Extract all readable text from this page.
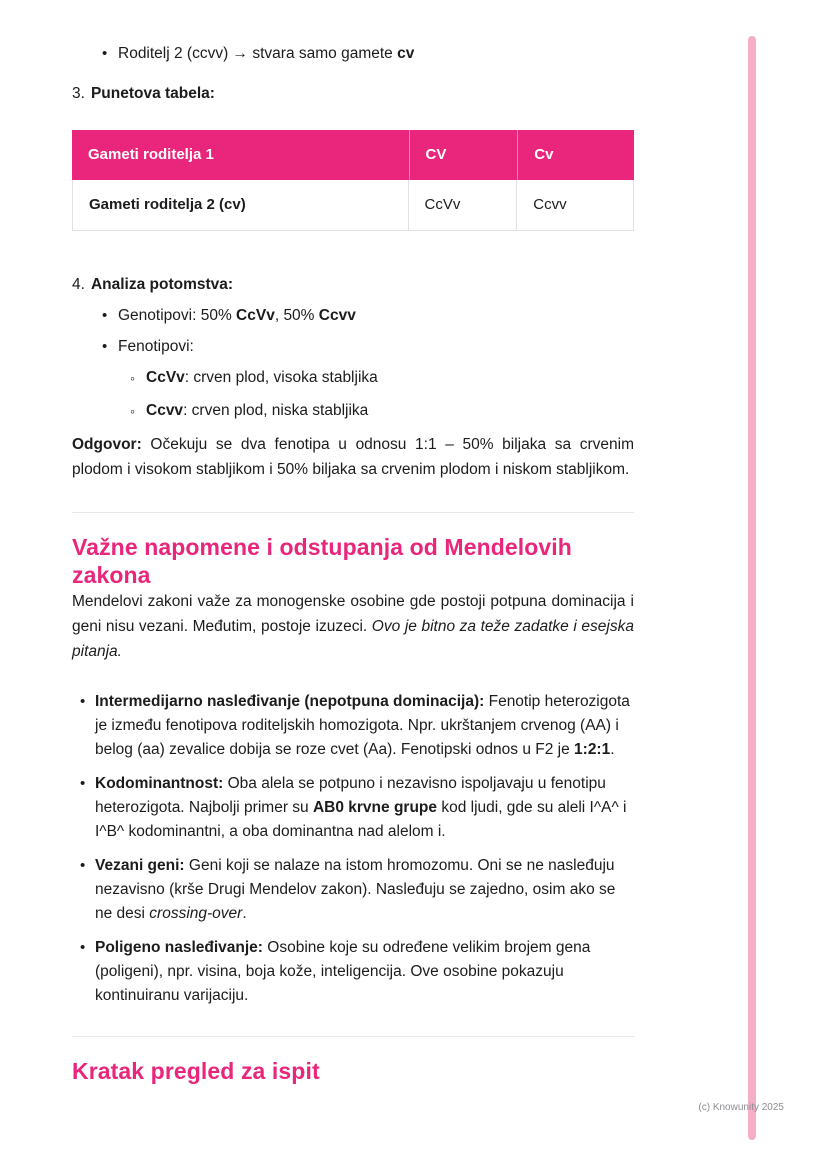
•
Roditelj 2 (ccvv) → stvara samo gamete cv
3. Punetova tabela:
Gameti roditelja 1	CV	Cv
Gameti roditelja 2 (cv)	CcVv	Ccvv
4. Analiza potomstva:
•
Genotipovi: 50% CcVv, 50% Ccvv
•
Fenotipovi:
◦
CcVv: crven plod, visoka stabljika
◦
Ccvv: crven plod, niska stabljika

Odgovor: Očekuju se dva fenotipa u odnosu 1:1 – 50% biljaka sa crvenim plodom i visokom stabljikom i 50% biljaka sa crvenim plodom i niskom stabljikom.

Važne napomene i odstupanja od Mendelovih zakona

Mendelovi zakoni važe za monogenske osobine gde postoji potpuna dominacija i geni nisu vezani. Međutim, postoje izuzeci. Ovo je bitno za teže zadatke i esejska pitanja.

•
Intermedijarno nasleđivanje (nepotpuna dominacija): Fenotip heterozigota je između fenotipova roditeljskih homozigota. Npr. ukrštanjem crvenog (AA) i belog (aa) zevalice dobija se roze cvet (Aa). Fenotipski odnos u F2 je 1:2:1.
•
Kodominantnost: Oba alela se potpuno i nezavisno ispoljavaju u fenotipu heterozigota. Najbolji primer su AB0 krvne grupe kod ljudi, gde su aleli I^A^ i I^B^ kodominantni, a oba dominantna nad alelom i.
•
Vezani geni: Geni koji se nalaze na istom hromozomu. Oni se ne nasleđuju nezavisno (krše Drugi Mendelov zakon). Nasleđuju se zajedno, osim ako se ne desi crossing-over.
•
Poligeno nasleđivanje: Osobine koje su određene velikim brojem gena (poligeni), npr. visina, boja kože, inteligencija. Ove osobine pokazuju kontinuiranu varijaciju.
Kratak pregled za ispit
(c) Knowunity 2025
